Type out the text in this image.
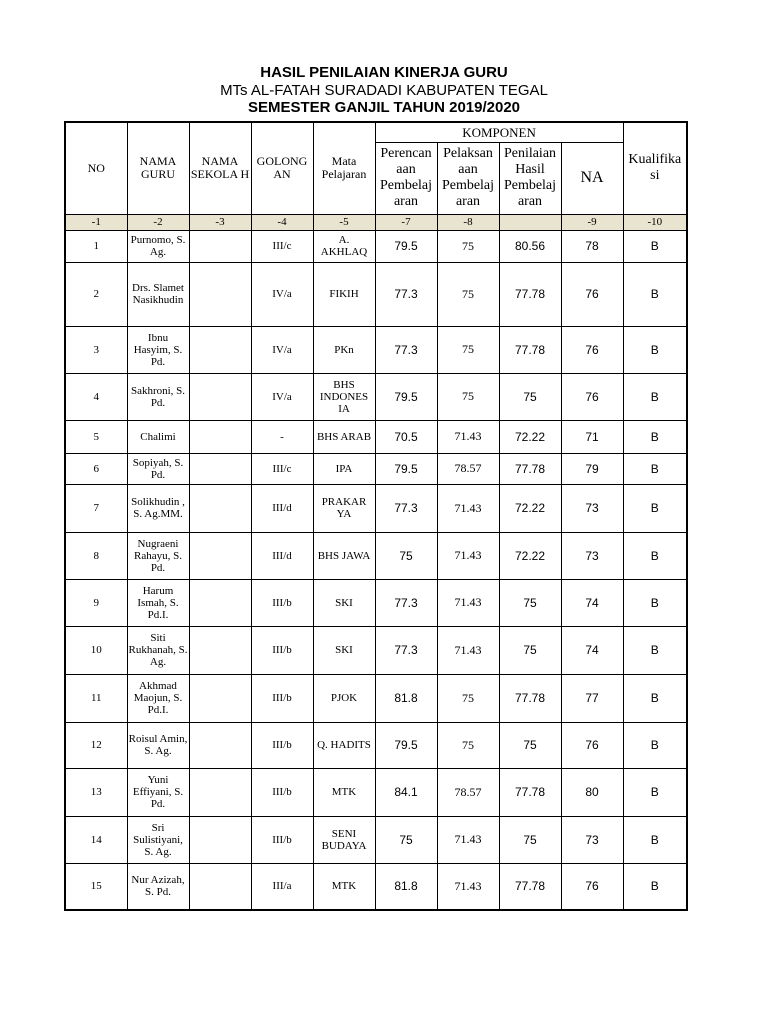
HASIL PENILAIAN KINERJA GURU
MTs AL-FATAH SURADADI KABUPATEN TEGAL
SEMESTER GANJIL TAHUN 2019/2020
NO	NAMA GURU	NAMA SEKOLA H	GOLONG AN	Mata Pelajaran	KOMPONEN				Kualifika si
					Perencan aan Pembelaj aran	Pelaksan aan Pembelaj aran	Penilaian Hasil Pembelaj aran	NA	
-1	-2	-3	-4	-5	-7	-8		-9	-10
1	Purnomo, S. Ag.		III/c	A. AKHLAQ	79.5	75	80.56	78	B
2	Drs. Slamet Nasikhudin		IV/a	FIKIH	77.3	75	77.78	76	B
3	Ibnu Hasyim, S. Pd.		IV/a	PKn	77.3	75	77.78	76	B
4	Sakhroni, S. Pd.		IV/a	BHS INDONES IA	79.5	75	75	76	B
5	Chalimi		-	BHS ARAB	70.5	71.43	72.22	71	B
6	Sopiyah, S. Pd.		III/c	IPA	79.5	78.57	77.78	79	B
7	Solikhudin , S. Ag.MM.		III/d	PRAKAR YA	77.3	71.43	72.22	73	B
8	Nugraeni Rahayu, S. Pd.		III/d	BHS JAWA	75	71.43	72.22	73	B
9	Harum Ismah, S. Pd.I.		III/b	SKI	77.3	71.43	75	74	B
10	Siti Rukhanah, S. Ag.		III/b	SKI	77.3	71.43	75	74	B
11	Akhmad Maojun, S. Pd.I.		III/b	PJOK	81.8	75	77.78	77	B
12	Roisul Amin, S. Ag.		III/b	Q. HADITS	79.5	75	75	76	B
13	Yuni Effiyani, S. Pd.		III/b	MTK	84.1	78.57	77.78	80	B
14	Sri Sulistiyani, S. Ag.		III/b	SENI BUDAYA	75	71.43	75	73	B
15	Nur Azizah, S. Pd.		III/a	MTK	81.8	71.43	77.78	76	B
